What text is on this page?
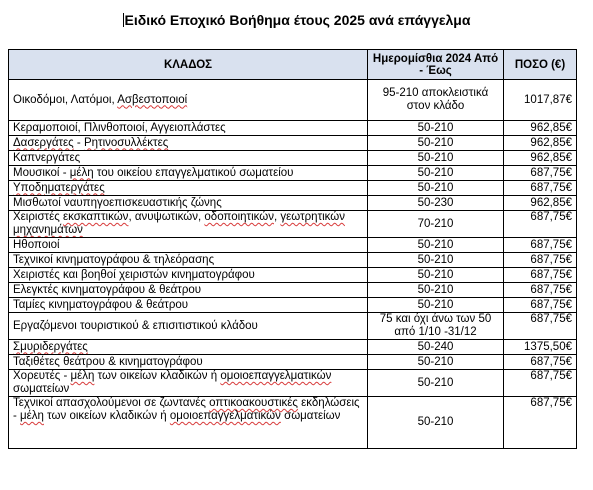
Ειδικό Εποχικό Βοήθημα έτους 2025 ανά επάγγελμα
ΚΛΑΔΟΣ	Ημερομίσθια 2024 Από - Έως	ΠΟΣΟ (€)
Οικοδόμοι, Λατόμοι, Ασβεστοποιοί	95-210 αποκλειστικά στον κλάδο	1017,87€
Κεραμοποιοί, Πλινθοποιοί, Αγγειοπλάστες	50-210	962,85€
Δασεργάτες - Ρητινοσυλλέκτες	50-210	962,85€
Καπνεργάτες	50-210	962,85€
Μουσικοί - μέλη του οικείου επαγγελματικού σωματείου	50-210	687,75€
Υποδηματεργάτες	50-210	687,75€
Μισθωτοί ναυπηγοεπισκευαστικής ζώνης	50-230	962,85€
Χειριστές εκσκαπτικών, ανυψωτικών, οδοποιητικών, γεωτρητικών μηχανημάτων	70-210	687,75€
Ηθοποιοί	50-210	687,75€
Τεχνικοί κινηματογράφου & τηλεόρασης	50-210	687,75€
Χειριστές και βοηθοί χειριστών κινηματογράφου	50-210	687,75€
Ελεγκτές κινηματογράφου & θεάτρου	50-210	687,75€
Ταμίες κινηματογράφου & θεάτρου	50-210	687,75€
Εργαζόμενοι τουριστικού & επισιτιστικού κλάδου	75 και όχι άνω των 50 από 1/10 -31/12	687,75€
Σμυριδεργάτες	50-240	1375,50€
Ταξιθέτες θεάτρου & κινηματογράφου	50-210	687,75€
Χορευτές - μέλη των οικείων κλαδικών ή ομοιοεπαγγελματικών σωματείων	50-210	687,75€
Τεχνικοί απασχολούμενοι σε ζωντανές οπτικοακουστικές εκδηλώσεις - μέλη των οικείων κλαδικών ή ομοιοεπαγγελματικών σωματείων	50-210	687,75€
